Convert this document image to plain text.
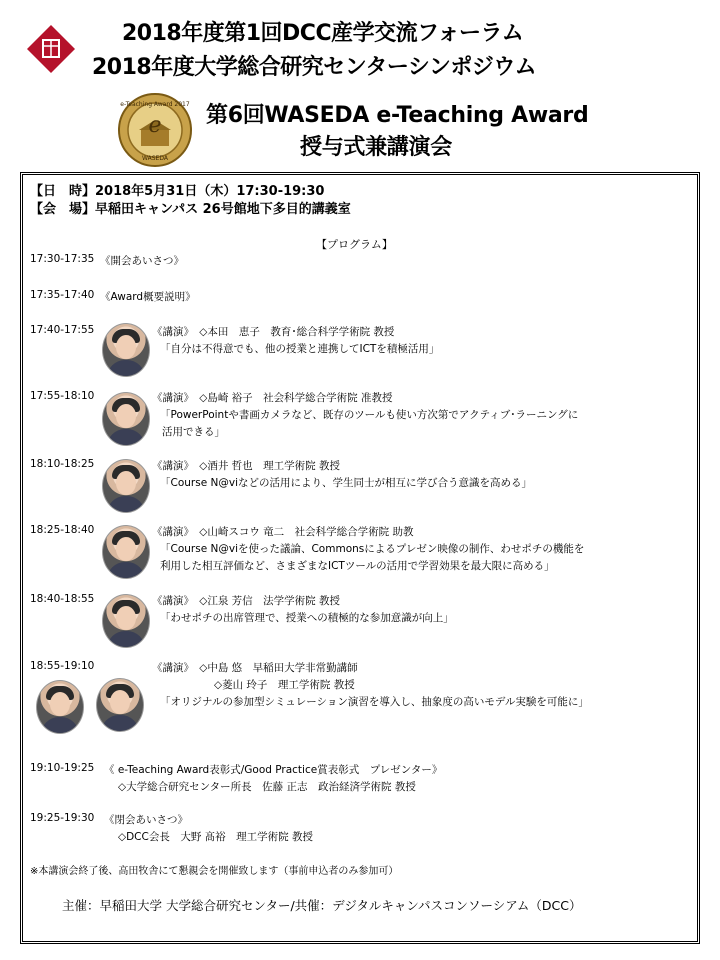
2018年度第1回DCC産学交流フォーラム
2018年度大学総合研究センターシンポジウム
e
e-Teaching Award 2017
WASEDA
第6回WASEDA e-Teaching Award
授与式兼講演会
【日　時】2018年5月31日（木）17:30-19:30
【会　場】早稲田キャンパス 26号館地下多目的講義室
【プログラム】
17:30-17:35 《開会あいさつ》
17:35-17:40 《Award概要説明》
17:40-17:55	《講演》　◇本田　恵子　教育･総合科学学術院 教授
「自分は不得意でも、他の授業と連携してICTを積極活用」
17:55-18:10	《講演》　◇島崎 裕子　社会科学総合学術院 准教授
「PowerPointや書画カメラなど、既存のツールも使い方次第でアクティブ･ラーニングに
活用できる」
18:10-18:25	《講演》　◇酒井 哲也　理工学術院 教授
「Course N@viなどの活用により、学生同士が相互に学び合う意識を高める」
18:25-18:40	《講演》　◇山崎スコウ 竜二　社会科学総合学術院 助教
「Course N@viを使った議論、Commonsによるプレゼン映像の制作、わせポチの機能を
利用した相互評価など、さまざまなICTツールの活用で学習効果を最大限に高める」
18:40-18:55	《講演》　◇江泉 芳信　法学学術院 教授
「わせポチの出席管理で、授業への積極的な参加意識が向上」
18:55-19:10	《講演》　◇中島 悠　早稲田大学非常勤講師
◇菱山 玲子　理工学術院 教授
「オリジナルの参加型シミュレーション演習を導入し、抽象度の高いモデル実験を可能に」
19:10-19:25 《 e-Teaching Award表彰式/Good Practice賞表彰式　プレゼンター》
◇大学総合研究センター所長　佐藤 正志　政治経済学術院 教授
19:25-19:30 《閉会あいさつ》
◇DCC会長　大野 髙裕　理工学術院 教授
※本講演会終了後、高田牧舎にて懇親会を開催致します（事前申込者のみ参加可）
主催：早稲田大学 大学総合研究センター/共催：デジタルキャンパスコンソーシアム（DCC）
